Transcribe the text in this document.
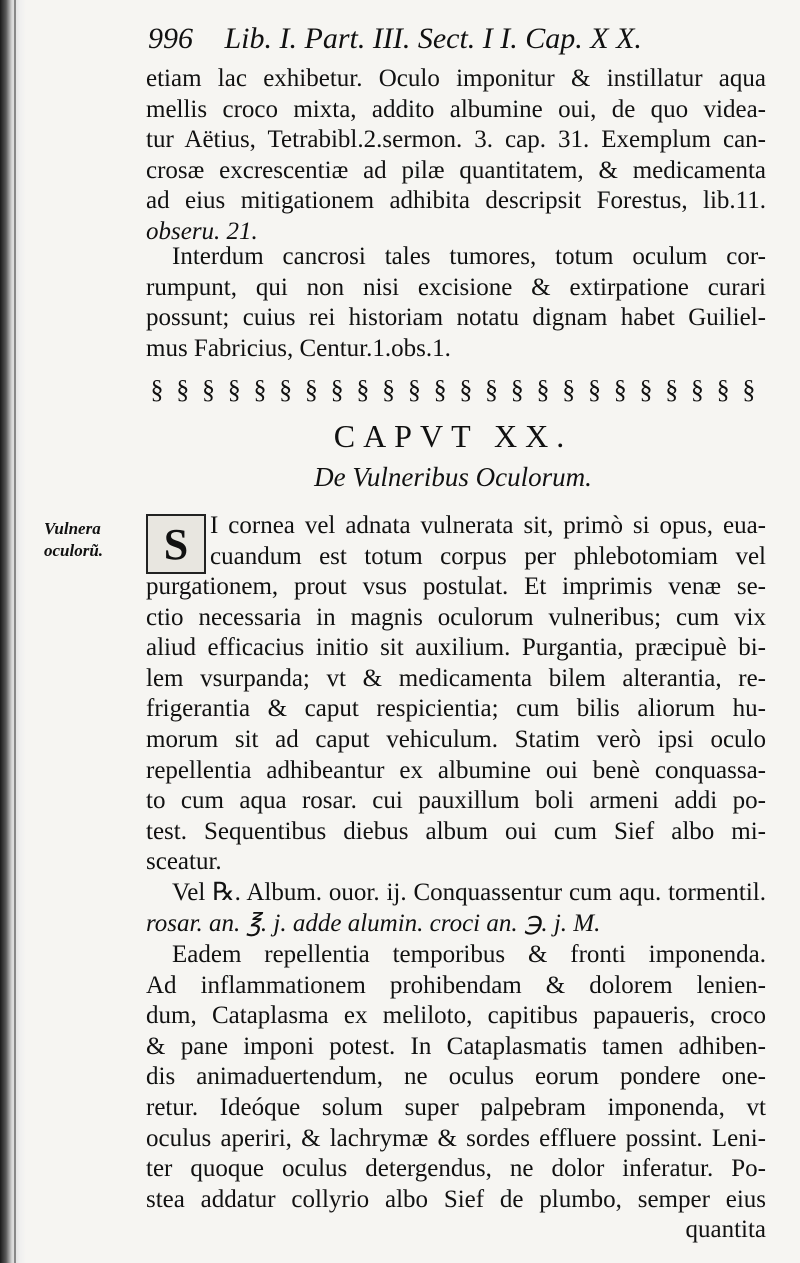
996 Lib. I. Part. III. Sect. I I. Cap. X X.
etiam lac exhibetur. Oculo imponitur & instillatur aqua
mellis croco mixta, addito albumine oui, de quo videa-
tur Aëtius, Tetrabibl.2.sermon. 3. cap. 31. Exemplum can-
crosæ excrescentiæ ad pilæ quantitatem, & medicamenta
ad eius mitigationem adhibita descripsit Forestus, lib.11.
obseru. 21.
Interdum cancrosi tales tumores, totum oculum cor-
rumpunt, qui non nisi excisione & extirpatione curari
possunt; cuius rei historiam notatu dignam habet Guiliel-
mus Fabricius, Centur.1.obs.1.
§ § § § § § § § § § § § § § § § § § § § § § § §
CAPVT XX.
De Vulneribus Oculorum.
Vulnera
oculorũ.	S I cornea vel adnata vulnerata sit, primò si opus, eua-
cuandum est totum corpus per phlebotomiam vel
purgationem, prout vsus postulat. Et imprimis venæ se-
ctio necessaria in magnis oculorum vulneribus; cum vix
aliud efficacius initio sit auxilium. Purgantia, præcipuè bi-
lem vsurpanda; vt & medicamenta bilem alterantia, re-
frigerantia & caput respicientia; cum bilis aliorum hu-
morum sit ad caput vehiculum. Statim verò ipsi oculo
repellentia adhibeantur ex albumine oui benè conquassa-
to cum aqua rosar. cui pauxillum boli armeni addi po-
test. Sequentibus diebus album oui cum Sief albo mi-
sceatur.
Vel ℞. Album. ouor. ij. Conquassentur cum aqu. tormentil.
rosar. an. ℥. j. adde alumin. croci an. ℈. j. M.
Eadem repellentia temporibus & fronti imponenda.
Ad inflammationem prohibendam & dolorem lenien-
dum, Cataplasma ex meliloto, capitibus papaueris, croco
& pane imponi potest. In Cataplasmatis tamen adhiben-
dis animaduertendum, ne oculus eorum pondere one-
retur. Ideóque solum super palpebram imponenda, vt
oculus aperiri, & lachrymæ & sordes effluere possint. Leni-
ter quoque oculus detergendus, ne dolor inferatur. Po-
stea addatur collyrio albo Sief de plumbo, semper eius
quantita
